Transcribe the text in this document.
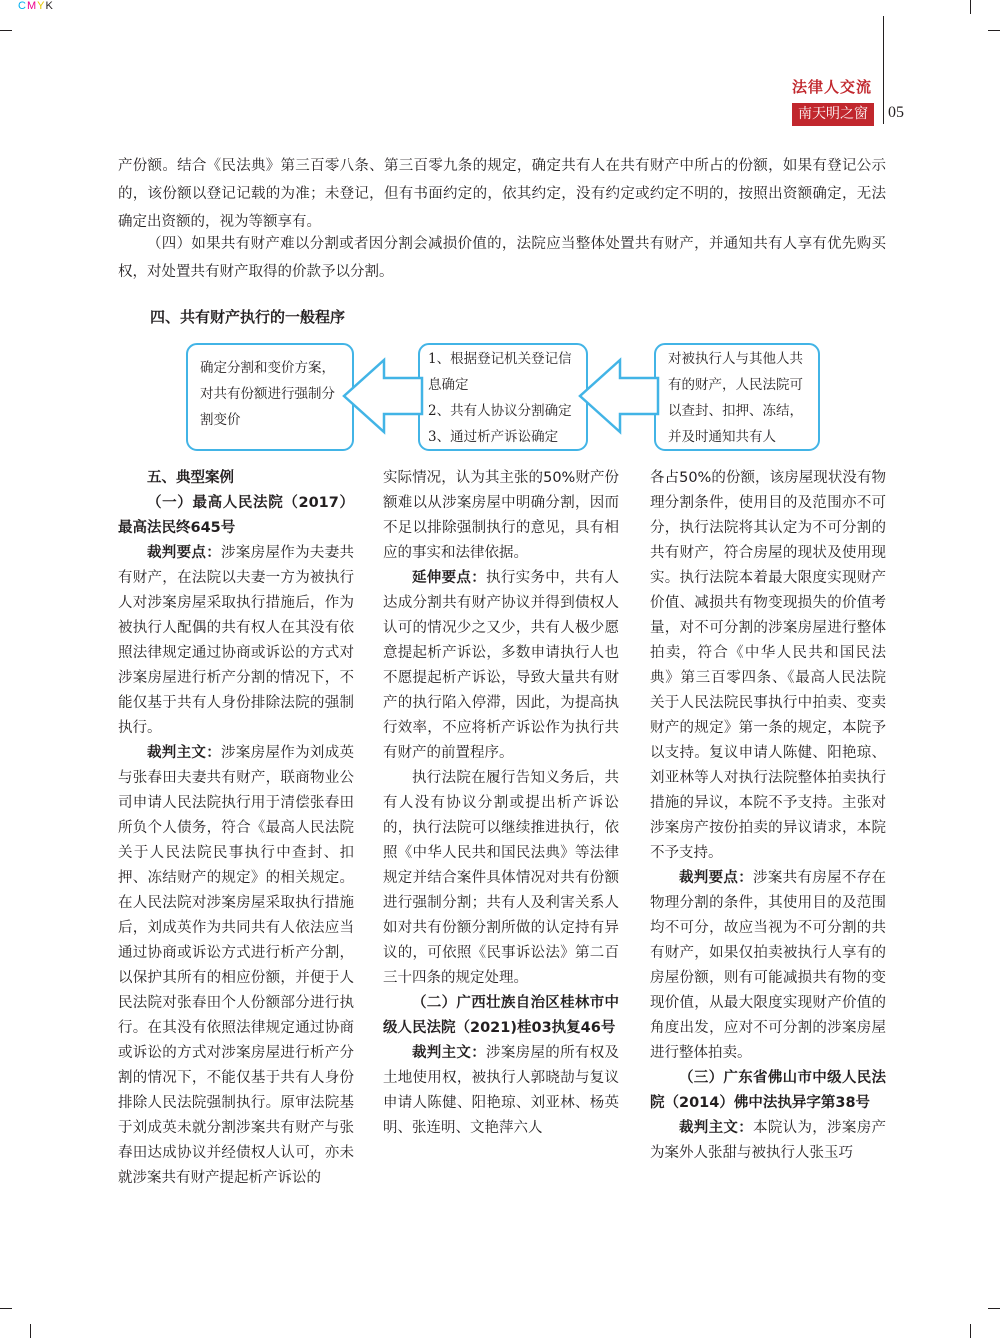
CMYK
法律人交流
南天明之窗	05

产份额。结合《民法典》第三百零八条、第三百零九条的规定，确定共有人在共有财产中所占的份额，如果有登记公示的，该份额以登记记载的为准；未登记，但有书面约定的，依其约定，没有约定或约定不明的，按照出资额确定，无法确定出资额的，视为等额享有。

（四）如果共有财产难以分割或者因分割会减损价值的，法院应当整体处置共有财产，并通知共有人享有优先购买权，对处置共有财产取得的价款予以分割。

四、共有财产执行的一般程序
确定分割和变价方案，
对共有份额进行强制分
割变价
1、根据登记机关登记信
息确定
2、共有人协议分割确定
3、通过析产诉讼确定
对被执行人与其他人共
有的财产，人民法院可
以查封、扣押、冻结，
并及时通知共有人

五、典型案例

（一）最高人民法院（2017）最高法民终645号

裁判要点：涉案房屋作为夫妻共有财产，在法院以夫妻一方为被执行人对涉案房屋采取执行措施后，作为被执行人配偶的共有权人在其没有依照法律规定通过协商或诉讼的方式对涉案房屋进行析产分割的情况下，不能仅基于共有人身份排除法院的强制执行。

裁判主文：涉案房屋作为刘成英与张春田夫妻共有财产，联商物业公司申请人民法院执行用于清偿张春田所负个人债务，符合《最高人民法院关于人民法院民事执行中查封、扣押、冻结财产的规定》的相关规定。在人民法院对涉案房屋采取执行措施后，刘成英作为共同共有人依法应当通过协商或诉讼方式进行析产分割，以保护其所有的相应份额，并便于人民法院对张春田个人份额部分进行执行。在其没有依照法律规定通过协商或诉讼的方式对涉案房屋进行析产分割的情况下，不能仅基于共有人身份排除人民法院强制执行。原审法院基于刘成英未就分割涉案共有财产与张春田达成协议并经债权人认可，亦未就涉案共有财产提起析产诉讼的

实际情况，认为其主张的50%财产份额难以从涉案房屋中明确分割，因而不足以排除强制执行的意见，具有相应的事实和法律依据。

延伸要点：执行实务中，共有人达成分割共有财产协议并得到债权人认可的情况少之又少，共有人极少愿意提起析产诉讼，多数申请执行人也不愿提起析产诉讼，导致大量共有财产的执行陷入停滞，因此，为提高执行效率，不应将析产诉讼作为执行共有财产的前置程序。

执行法院在履行告知义务后，共有人没有协议分割或提出析产诉讼的，执行法院可以继续推进执行，依照《中华人民共和国民法典》等法律规定并结合案件具体情况对共有份额进行强制分割；共有人及利害关系人如对共有份额分割所做的认定持有异议的，可依照《民事诉讼法》第二百三十四条的规定处理。

（二）广西壮族自治区桂林市中级人民法院（2021)桂03执复46号

裁判主文：涉案房屋的所有权及土地使用权，被执行人郭晓劼与复议申请人陈健、阳艳琼、刘亚林、杨英明、张连明、文艳萍六人

各占50%的份额，该房屋现状没有物理分割条件，使用目的及范围亦不可分，执行法院将其认定为不可分割的共有财产，符合房屋的现状及使用现实。执行法院本着最大限度实现财产价值、减损共有物变现损失的价值考量，对不可分割的涉案房屋进行整体拍卖，符合《中华人民共和国民法典》第三百零四条、《最高人民法院关于人民法院民事执行中拍卖、变卖财产的规定》第一条的规定，本院予以支持。复议申请人陈健、阳艳琼、刘亚林等人对执行法院整体拍卖执行措施的异议，本院不予支持。主张对涉案房产按份拍卖的异议请求，本院不予支持。

裁判要点：涉案共有房屋不存在物理分割的条件，其使用目的及范围均不可分，故应当视为不可分割的共有财产，如果仅拍卖被执行人享有的房屋份额，则有可能减损共有物的变现价值，从最大限度实现财产价值的角度出发，应对不可分割的涉案房屋进行整体拍卖。

（三）广东省佛山市中级人民法院（2014）佛中法执异字第38号

裁判主文：本院认为，涉案房产为案外人张甜与被执行人张玉巧
